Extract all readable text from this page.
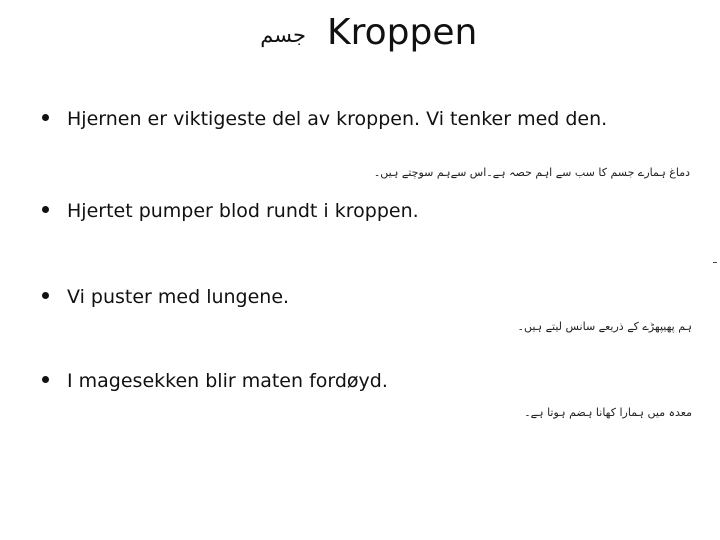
جسم Kroppen
Hjernen er viktigeste del av kroppen. Vi tenker med den.
دماغ ہمارے جسم کا سب سے اہم حصہ ہے۔اس سےہم سوچتے ہیں۔
Hjertet pumper blod rundt i kroppen.
Vi puster med lungene.
ہم پھیپھڑے کے ذریعے سانس لیتے ہیں۔
I magesekken blir maten fordøyd.
معدہ میں ہمارا کھانا ہضم ہوتا ہے۔
